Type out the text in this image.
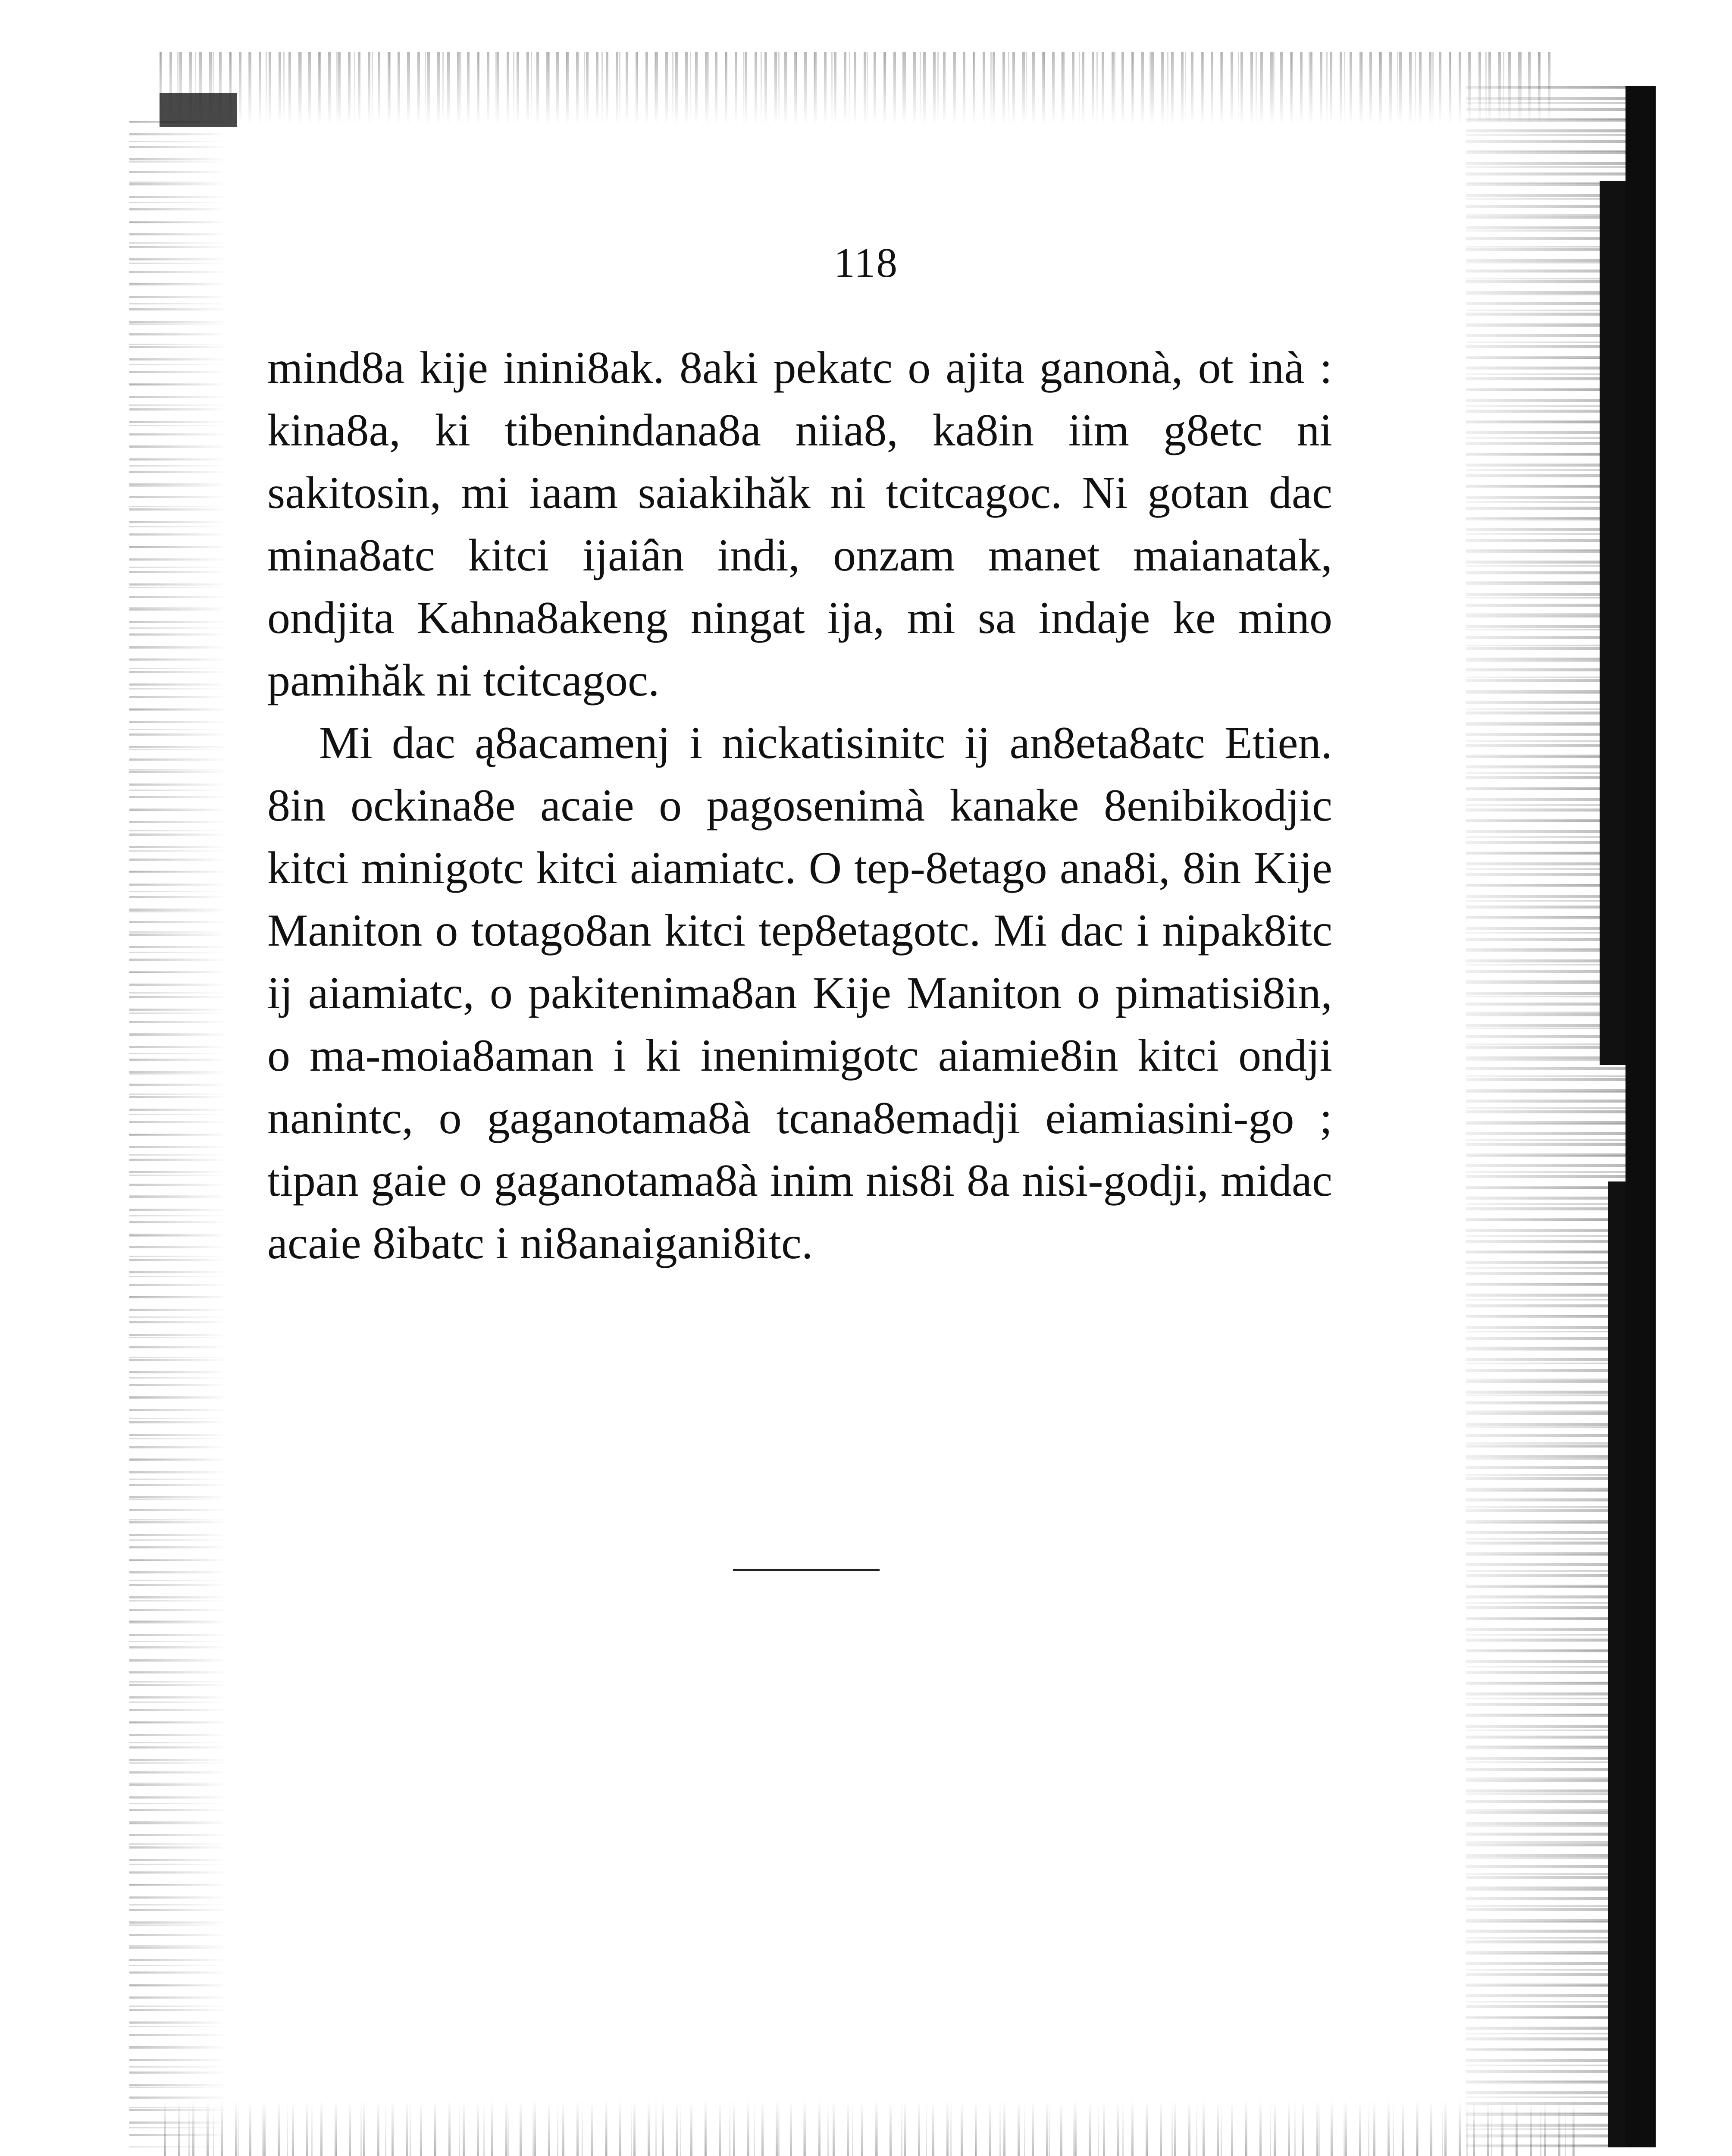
118

mind8a kije inini8ak. 8aki pekatc o ajita ganonà, ot inà : kina8a, ki tibenindana8a niia8, ka8in iim g8etc ni sakitosin, mi iaam saiakihăk ni tcitcagoc. Ni gotan dac mina8atc kitci ijaiân indi, onzam manet maianatak, ondjita Kahna8akeng ningat ija, mi sa indaje ke mino pamihăk ni tcitcagoc.

Mi dac ą8acamenj i nickatisinitc ij an8eta8atc Etien. 8in ockina8e acaie o pagosenimà kanake 8enibikodjic kitci minigotc kitci aiamiatc. O tep-8etago ana8i, 8in Kije Maniton o totago8an kitci tep8etagotc. Mi dac i nipak8itc ij aiamiatc, o pakitenima8an Kije Maniton o pimatisi8in, o ma-moia8aman i ki inenimigotc aiamie8in kitci ondji nanintc, o gaganotama8à tcana8emadji eiamiasini-go ; tipan gaie o gaganotama8à inim nis8i 8a nisi-godji, midac acaie 8ibatc i ni8anaigani8itc.
